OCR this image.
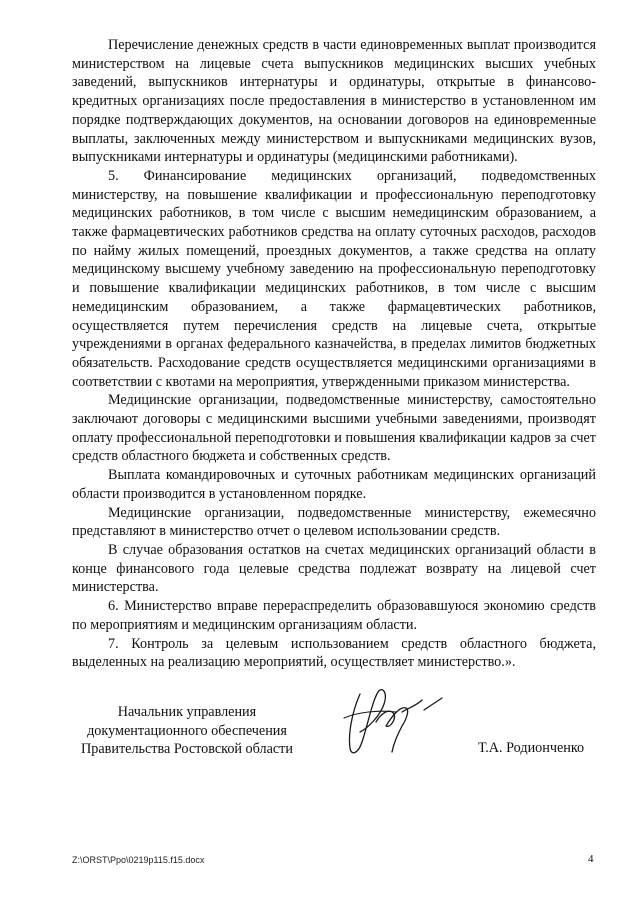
Перечисление денежных средств в части единовременных выплат производится министерством на лицевые счета выпускников медицинских высших учебных заведений, выпускников интернатуры и ординатуры, открытые в финансово-кредитных организациях после предоставления в министерство в установленном им порядке подтверждающих документов, на основании договоров на единовременные выплаты, заключенных между министерством и выпускниками медицинских вузов, выпускниками интернатуры и ординатуры (медицинскими работниками).

5. Финансирование медицинских организаций, подведомственных министерству, на повышение квалификации и профессиональную переподготовку медицинских работников, в том числе с высшим немедицинским образованием, а также фармацевтических работников средства на оплату суточных расходов, расходов по найму жилых помещений, проездных документов, а также средства на оплату медицинскому высшему учебному заведению на профессиональную переподготовку и повышение квалификации медицинских работников, в том числе с высшим немедицинским образованием, а также фармацевтических работников, осуществляется путем перечисления средств на лицевые счета, открытые учреждениями в органах федерального казначейства, в пределах лимитов бюджетных обязательств. Расходование средств осуществляется медицинскими организациями в соответствии с квотами на мероприятия, утвержденными приказом министерства.

Медицинские организации, подведомственные министерству, самостоятельно заключают договоры с медицинскими высшими учебными заведениями, производят оплату профессиональной переподготовки и повышения квалификации кадров за счет средств областного бюджета и собственных средств.

Выплата командировочных и суточных работникам медицинских организаций области производится в установленном порядке.

Медицинские организации, подведомственные министерству, ежемесячно представляют в министерство отчет о целевом использовании средств.

В случае образования остатков на счетах медицинских организаций области в конце финансового года целевые средства подлежат возврату на лицевой счет министерства.

6. Министерство вправе перераспределить образовавшуюся экономию средств по мероприятиям и медицинским организациям области.

7. Контроль за целевым использованием средств областного бюджета, выделенных на реализацию мероприятий, осуществляет министерство.».

Начальник управления
документационного обеспечения
Правительства Ростовской области	Т.А. Родионченко
Z:\ORST\Ppo\0219p115.f15.docx	4
